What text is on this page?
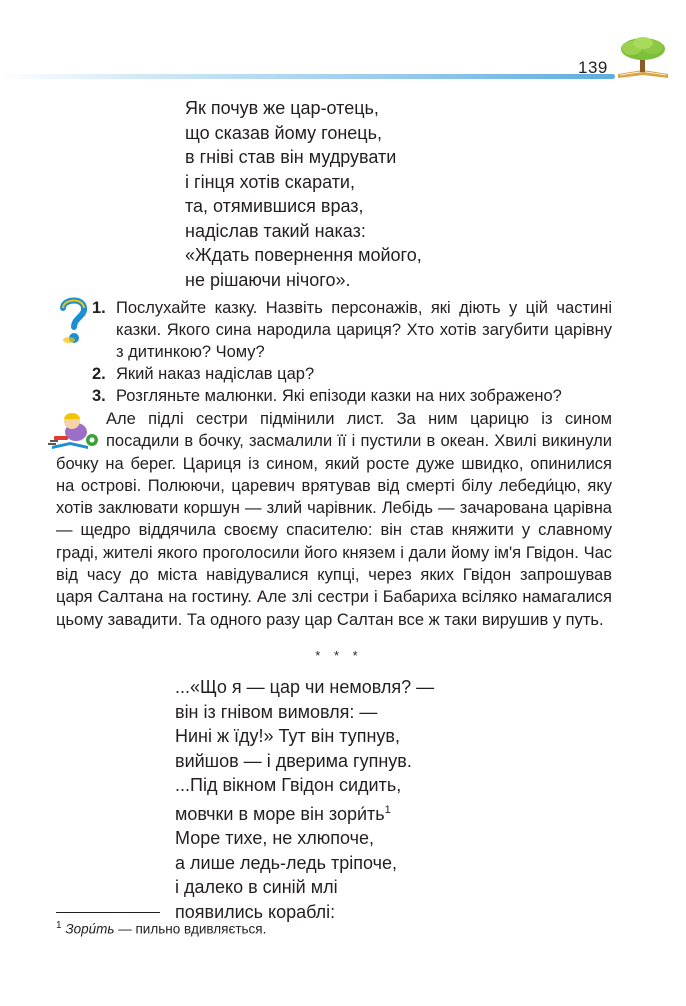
139
Як почув же цар-отець,
що сказав йому гонець,
в гніві став він мудрувати
і гінця хотів скарати,
та, отямившися враз,
надіслав такий наказ:
«Ждать повернення мойого,
не рішаючи нічого».
1. Послухайте казку. Назвіть персонажів, які діють у цій частині казки. Якого сина народила цариця? Хто хотів загубити царівну з дитинкою? Чому?
2. Який наказ надіслав цар?
3. Розгляньте малюнки. Які епізоди казки на них зображено?
Але підлі сестри підмінили лист. За ним царицю із сином посадили в бочку, засмалили її і пустили в океан. Хвилі викинули бочку на берег. Цариця із сином, який росте дуже швидко, опинилися на острові. Полюючи, царевич врятував від смерті білу лебеди́цю, яку хотів заклювати коршун — злий чарівник. Лебідь — зачарована царівна — щедро віддячила своєму спасителю: він став княжити у славному граді, жителі якого проголосили його князем і дали йому ім'я Гвідон. Час від часу до міста навідувалися купці, через яких Гвідон запрошував царя Салтана на гостину. Але злі сестри і Бабариха всіляко намагалися цьому завадити. Та одного разу цар Салтан все ж таки вирушив у путь.
* * *
...«Що я — цар чи немовля? —
він із гнівом вимовля: —
Нині ж їду!» Тут він тупнув,
вийшов — і дверима гупнув.
...Під вікном Гвідон сидить,
мовчки в море він $зори́ть^1$
Море тихе, не хлюпоче,
а лише ледь-ледь тріпоче,
і далеко в синій млі
появились кораблі:
$^1$ Зори́ть — пильно вдивляється.
